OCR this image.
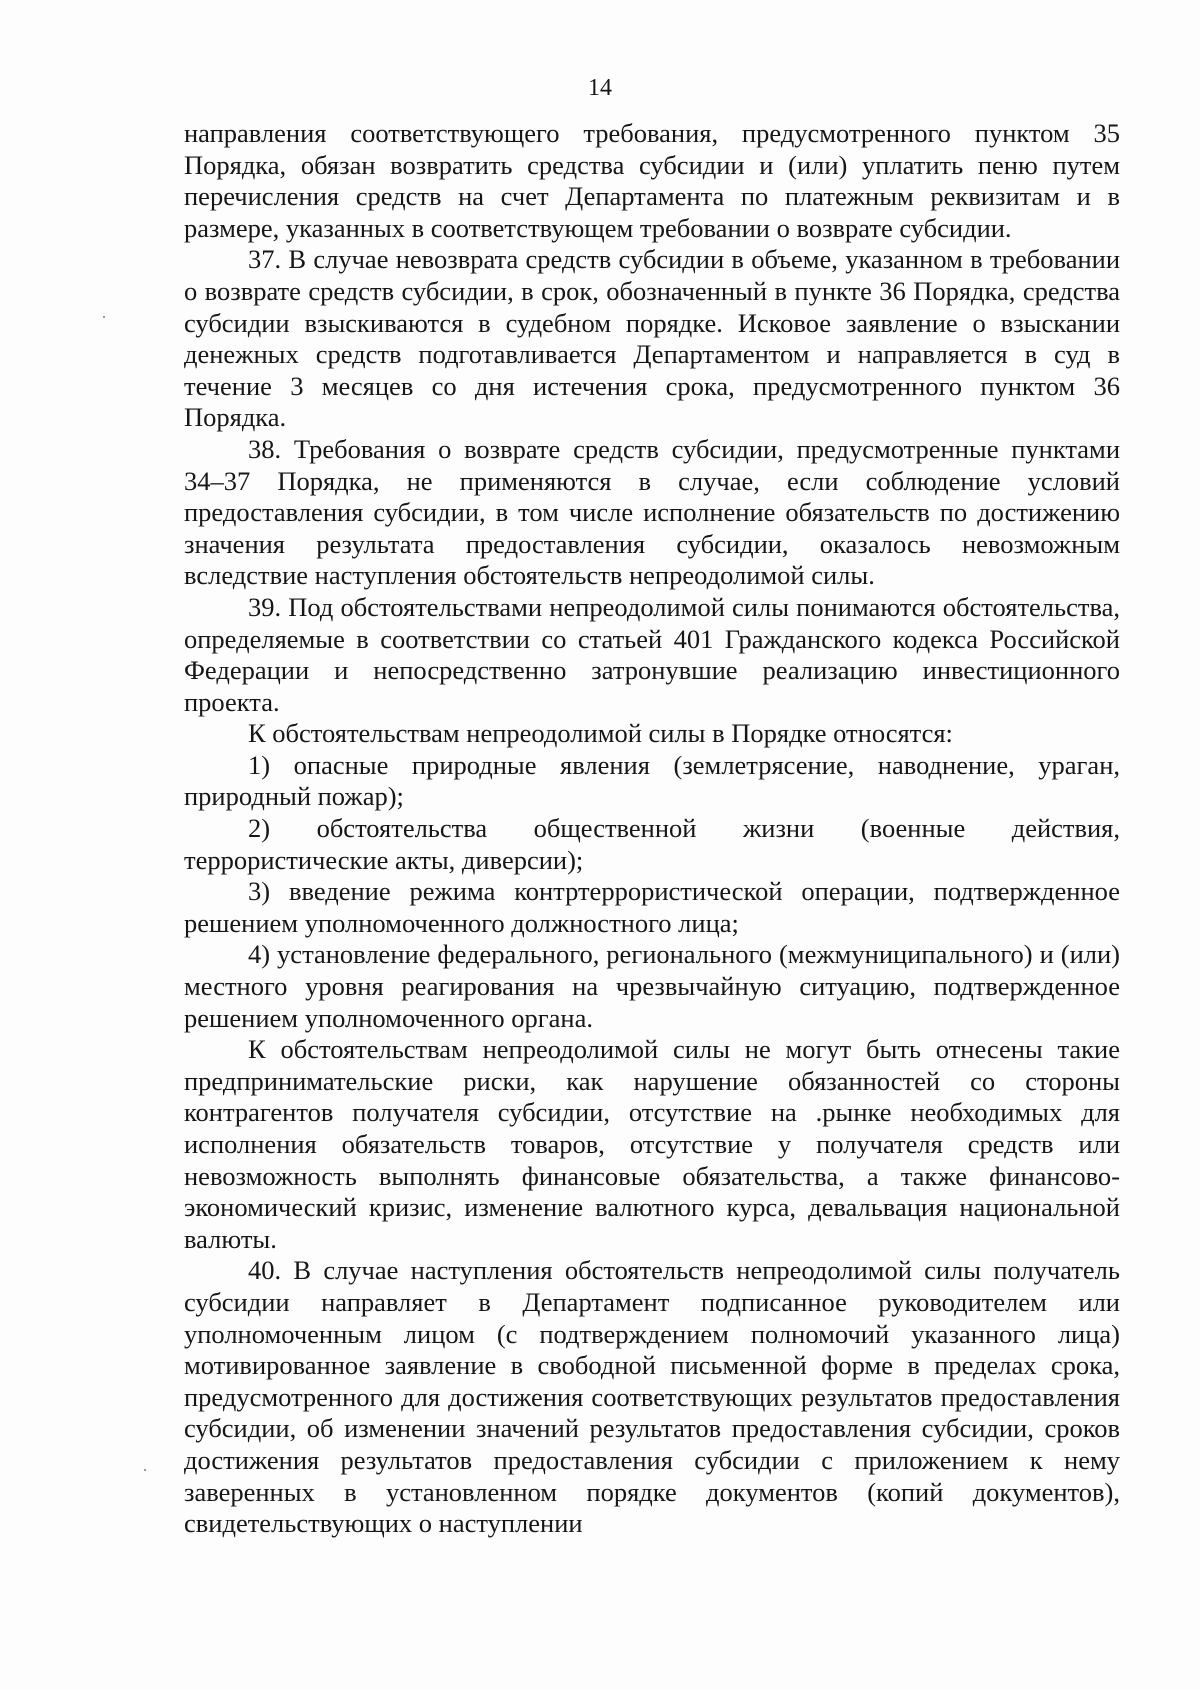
14

направления соответствующего требования, предусмотренного пунктом 35 Порядка, обязан возвратить средства субсидии и (или) уплатить пеню путем перечисления средств на счет Департамента по платежным реквизитам и в размере, указанных в соответствующем требовании о возврате субсидии.

37. В случае невозврата средств субсидии в объеме, указанном в требовании о возврате средств субсидии, в срок, обозначенный в пункте 36 Порядка, средства субсидии взыскиваются в судебном порядке. Исковое заявление о взыскании денежных средств подготавливается Департаментом и направляется в суд в течение 3 месяцев со дня истечения срока, предусмотренного пунктом 36 Порядка.

38. Требования о возврате средств субсидии, предусмотренные пунктами 34–37 Порядка, не применяются в случае, если соблюдение условий предоставления субсидии, в том числе исполнение обязательств по достижению значения результата предоставления субсидии, оказалось невозможным вследствие наступления обстоятельств непреодолимой силы.

39. Под обстоятельствами непреодолимой силы понимаются обстоятельства, определяемые в соответствии со статьей 401 Гражданского кодекса Российской Федерации и непосредственно затронувшие реализацию инвестиционного проекта.

К обстоятельствам непреодолимой силы в Порядке относятся:

1) опасные природные явления (землетрясение, наводнение, ураган, природный пожар);

2) обстоятельства общественной жизни (военные действия, террористические акты, диверсии);

3) введение режима контртеррористической операции, подтвержденное решением уполномоченного должностного лица;

4) установление федерального, регионального (межмуниципального) и (или) местного уровня реагирования на чрезвычайную ситуацию, подтвержденное решением уполномоченного органа.

К обстоятельствам непреодолимой силы не могут быть отнесены такие предпринимательские риски, как нарушение обязанностей со стороны контрагентов получателя субсидии, отсутствие на .рынке необходимых для исполнения обязательств товаров, отсутствие у получателя средств или невозможность выполнять финансовые обязательства, а также финансово-экономический кризис, изменение валютного курса, девальвация национальной валюты.

40. В случае наступления обстоятельств непреодолимой силы получатель субсидии направляет в Департамент подписанное руководителем или уполномоченным лицом (с подтверждением полномочий указанного лица) мотивированное заявление в свободной письменной форме в пределах срока, предусмотренного для достижения соответствующих результатов предоставления субсидии, об изменении значений результатов предоставления субсидии, сроков достижения результатов предоставления субсидии с приложением к нему заверенных в установленном порядке документов (копий документов), свидетельствующих о наступлении
